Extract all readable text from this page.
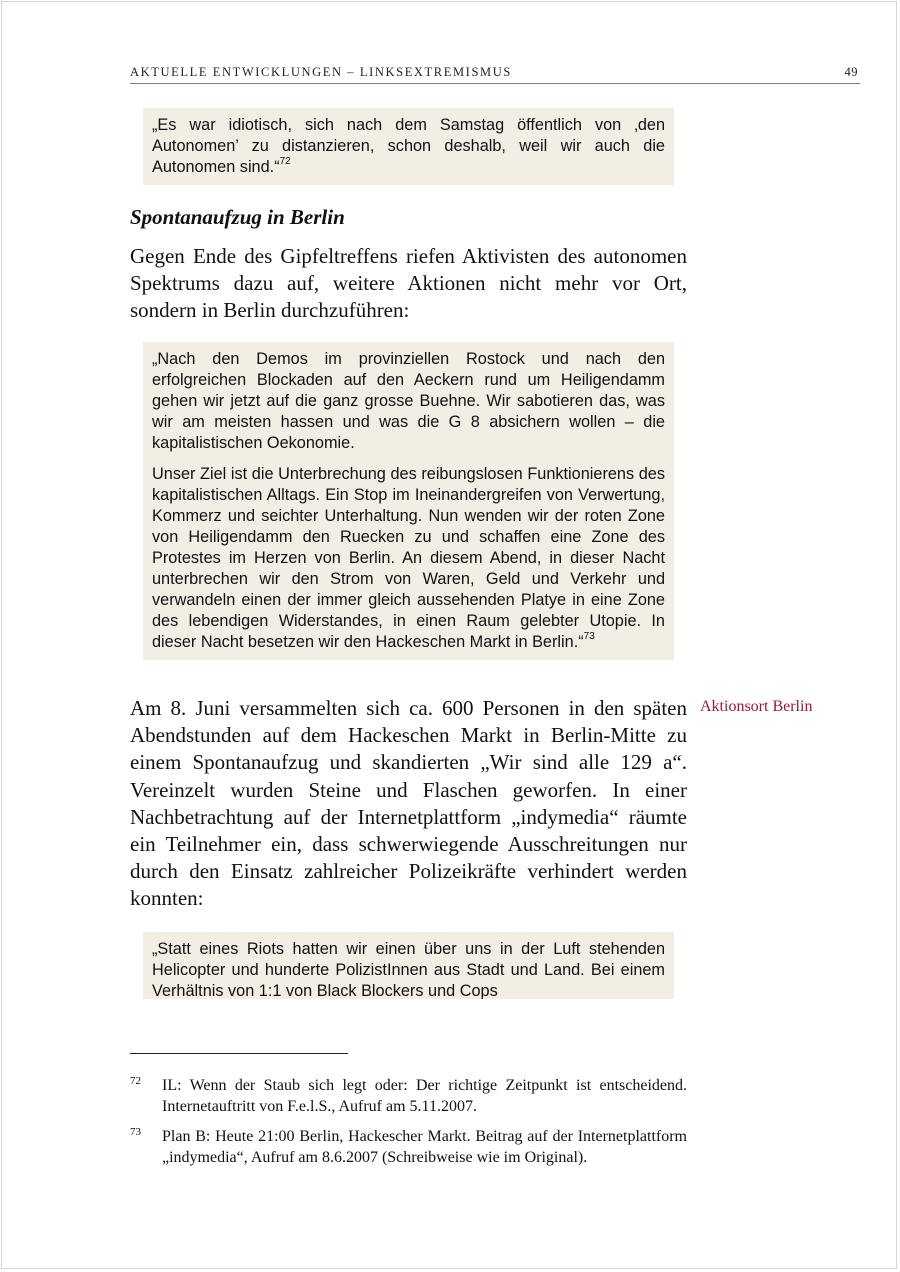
AKTUELLE ENTWICKLUNGEN – LINKSEXTREMISMUS	49

„Es war idiotisch, sich nach dem Samstag öffentlich von ‚den Autonomen’ zu distanzieren, schon deshalb, weil wir auch die Autonomen sind.“$^{72}$

Spontanaufzug in Berlin

Gegen Ende des Gipfeltreffens riefen Aktivisten des autonomen Spektrums dazu auf, weitere Aktionen nicht mehr vor Ort, sondern in Berlin durchzuführen:

„Nach den Demos im provinziellen Rostock und nach den erfolgreichen Blockaden auf den Aeckern rund um Heiligendamm gehen wir jetzt auf die ganz grosse Buehne. Wir sabotieren das, was wir am meisten hassen und was die G 8 absichern wollen – die kapitalistischen Oekonomie.

Unser Ziel ist die Unterbrechung des reibungslosen Funktionierens des kapitalistischen Alltags. Ein Stop im Ineinandergreifen von Verwertung, Kommerz und seichter Unterhaltung. Nun wenden wir der roten Zone von Heiligendamm den Ruecken zu und schaffen eine Zone des Protestes im Herzen von Berlin. An diesem Abend, in dieser Nacht unterbrechen wir den Strom von Waren, Geld und Verkehr und verwandeln einen der immer gleich aussehenden Platye in eine Zone des lebendigen Widerstandes, in einen Raum gelebter Utopie. In dieser Nacht besetzen wir den Hackeschen Markt in Berlin.“$^{73}$

Am 8. Juni versammelten sich ca. 600 Personen in den späten Abendstunden auf dem Hackeschen Markt in Berlin-Mitte zu einem Spontanaufzug und skandierten „Wir sind alle 129 a“. Vereinzelt wurden Steine und Flaschen geworfen. In einer Nachbetrachtung auf der Internetplattform „indymedia“ räumte ein Teilnehmer ein, dass schwerwiegende Ausschreitungen nur durch den Einsatz zahlreicher Polizeikräfte verhindert werden konnten:

Aktionsort Berlin

„Statt eines Riots hatten wir einen über uns in der Luft stehenden Helicopter und hunderte PolizistInnen aus Stadt und Land. Bei einem Verhältnis von 1:1 von Black Blockers und Cops

72 IL: Wenn der Staub sich legt oder: Der richtige Zeitpunkt ist entscheidend. Internetauftritt von F.e.l.S., Aufruf am 5.11.2007.
73 Plan B: Heute 21:00 Berlin, Hackescher Markt. Beitrag auf der Internetplattform „indymedia“, Aufruf am 8.6.2007 (Schreibweise wie im Original).
